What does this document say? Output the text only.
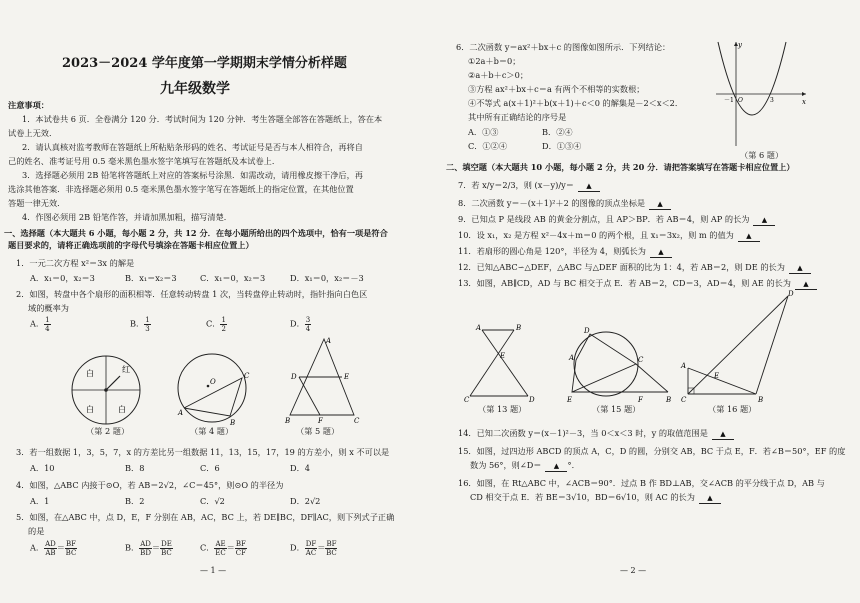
2023－2024 学年度第一学期期末学情分析样题
九年级数学
注意事项：
1．本试卷共 6 页．全卷满分 120 分．考试时间为 120 分钟．考生答题全部答在答题纸上，答在本
试卷上无效．
2．请认真核对监考教师在答题纸上所粘贴条形码的姓名、考试证号是否与本人相符合，再将自
己的姓名、准考证号用 0.5 毫米黑色墨水签字笔填写在答题纸及本试卷上．
3．选择题必须用 2B 铅笔将答题纸上对应的答案标号涂黑．如需改动，请用橡皮擦干净后，再
选涂其他答案．非选择题必须用 0.5 毫米黑色墨水签字笔写在答题纸上的指定位置，在其他位置
答题一律无效．
4．作图必须用 2B 铅笔作答，并请加黑加粗，描写清楚．
一、选择题（本大题共 6 小题，每小题 2 分，共 12 分．在每小题所给出的四个选项中，恰有一项是符合
题目要求的，请将正确选项前的字母代号填涂在答题卡相应位置上）
1．一元二次方程 x²＝3x 的解是
A．x₁＝0，x₂＝3	B．x₁＝x₂＝3	C．x₁＝0，x₂＝3	D．x₁＝0，x₂＝－3
2．如图，转盘中各个扇形的面积相等．任意转动转盘 1 次，当转盘停止转动时，指针指向白色区
域的概率为
A． $\frac{1}{4}$	B． $\frac{1}{3}$	C． $\frac{1}{2}$	D． $\frac{3}{4}$
白	红
白	白
（第 2 题）
O
A
B
C
（第 4 题）
A
D	E
B	F	C
（第 5 题）
3．若一组数据 1，3，5，7，x 的方差比另一组数据 11，13，15，17，19 的方差小，则 x 不可以是
A．10	B．8	C．6	D．4
4．如图，△ABC 内接于⊙O，若 AB＝2√2，∠C＝45°，则⊙O 的半径为
A．1	B．2	C．√2	D．2√2
5．如图，在△ABC 中，点 D，E，F 分别在 AB，AC，BC 上，若 DE∥BC，DF∥AC，则下列式子正确
的是
A． $\frac{AD}{AB} = \frac{BF}{BC}$	B． $\frac{AD}{BD} = \frac{DE}{BC}$	C． $\frac{AE}{EC} = \frac{BF}{CF}$	D． $\frac{DF}{AC} = \frac{BF}{BC}$
— 1 —
6．二次函数 y＝ax²＋bx＋c 的图像如图所示．下列结论：
①2a＋b＝0；
②a＋b＋c＞0；
③方程 ax²＋bx＋c＝a 有两个不相等的实数根；
④不等式 a(x＋1)²＋b(x＋1)＋c＜0 的解集是－2＜x＜2．
其中所有正确结论的序号是
A．①③	B．②④
C．①②④	D．①③④
y
x
－1 O	3
（第 6 题）
二、填空题（本大题共 10 小题，每小题 2 分，共 20 分．请把答案填写在答题卡相应位置上）
7．若 x/y＝2/3，则 (x－y)/y＝ ▲
8．二次函数 y＝－(x＋1)²＋2 的图像的顶点坐标是 ▲
9．已知点 P 是线段 AB 的黄金分割点，且 AP＞BP．若 AB＝4，则 AP 的长为 ▲
10．设 x₁，x₂ 是方程 x²－4x＋m＝0 的两个根，且 x₁＝3x₂，则 m 的值为 ▲
11．若扇形的圆心角是 120°，半径为 4，则弧长为 ▲
12．已知△ABC∽△DEF，△ABC 与△DEF 面积的比为 1：4，若 AB＝2，则 DE 的长为 ▲
13．如图，AB∥CD，AD 与 BC 相交于点 E．若 AB＝2，CD＝3，AD＝4，则 AE 的长为 ▲
A	B
E
C	D
（第 13 题）
D
A	C
E	F	B
（第 15 题）
A
E
C	B
D
（第 16 题）
14．已知二次函数 y＝(x－1)²－3，当 0＜x＜3 时，y 的取值范围是 ▲
15．如图，过四边形 ABCD 的顶点 A，C，D 的圆，分别交 AB，BC 于点 E，F．若∠B＝50°，EF 的度
数为 56°，则∠D＝ ▲ °．
16．如图，在 Rt△ABC 中，∠ACB＝90°．过点 B 作 BD⊥AB，交∠ACB 的平分线于点 D，AB 与
CD 相交于点 E．若 BE＝3√10，BD＝6√10，则 AC 的长为 ▲
— 2 —
